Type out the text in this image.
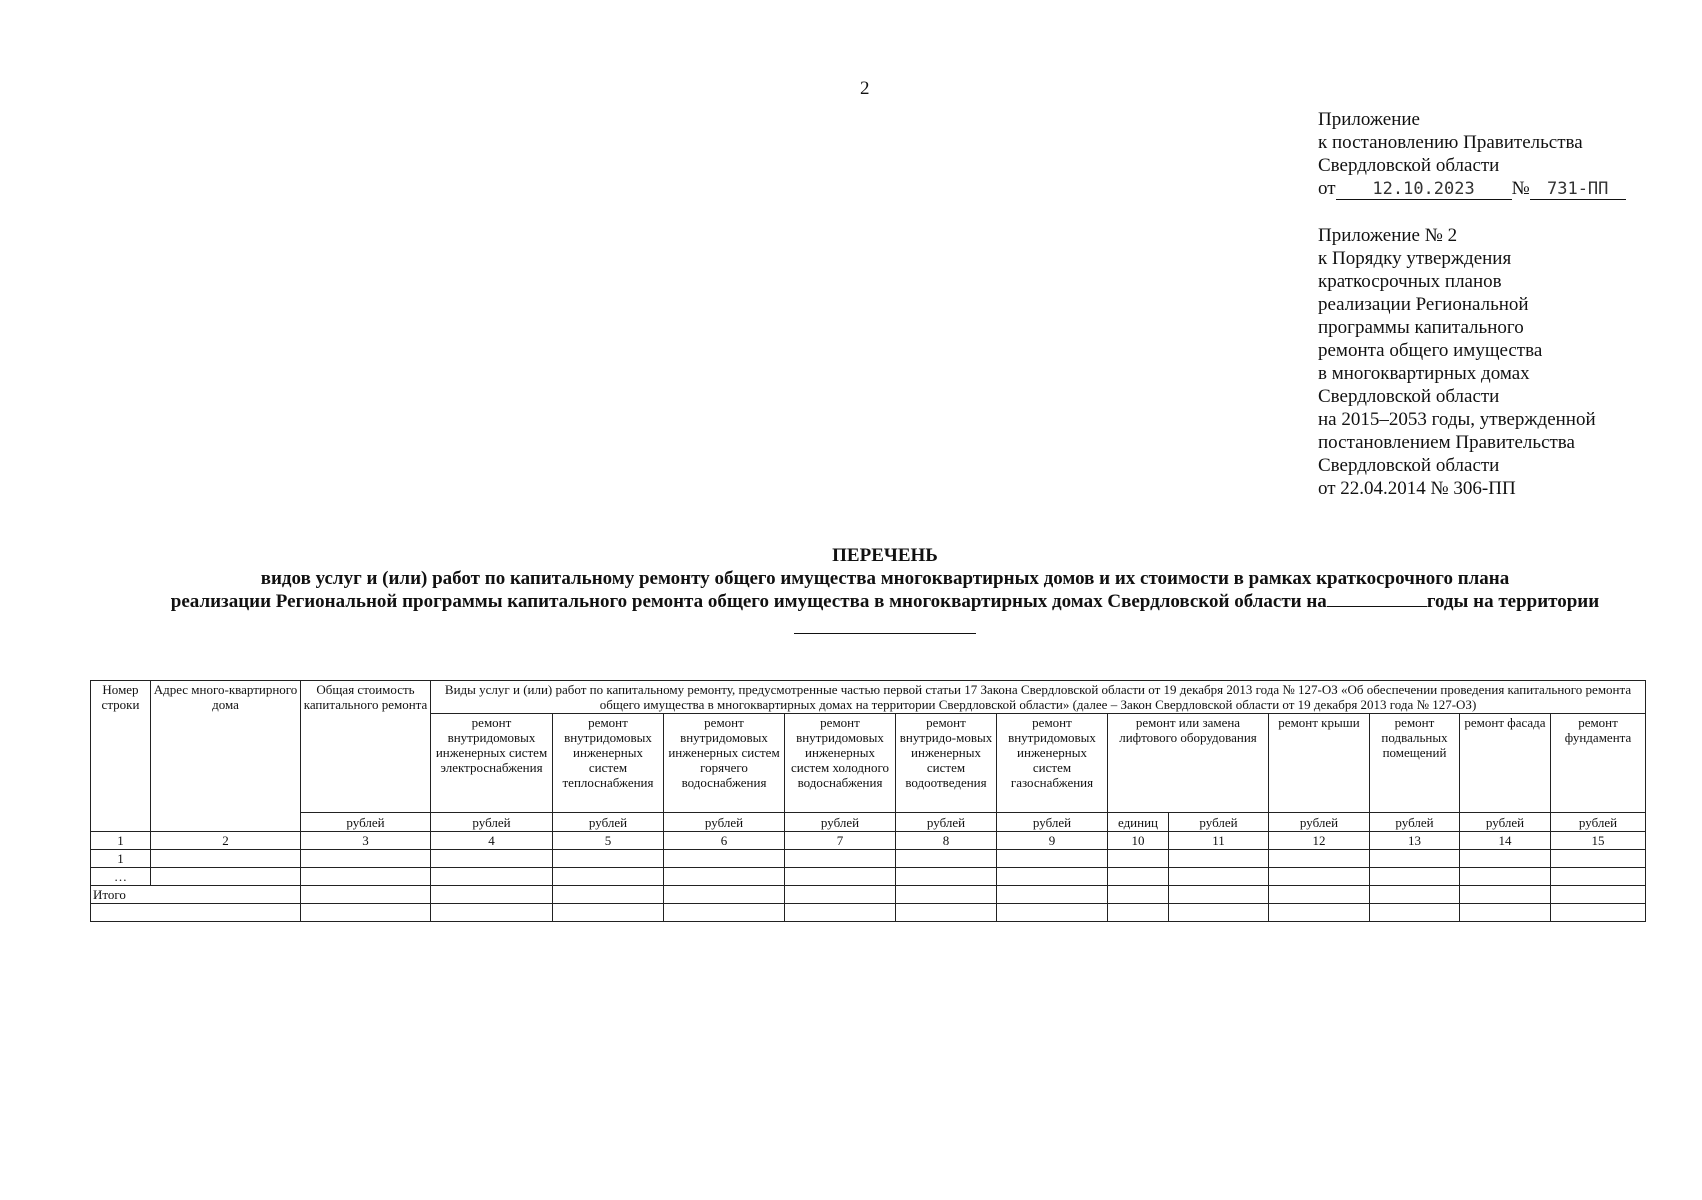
2
Приложение
к постановлению Правительства
Свердловской области
от 12.10.2023 № 731-ПП
Приложение № 2
к Порядку утверждения
краткосрочных планов
реализации Региональной
программы капитального
ремонта общего имущества
в многоквартирных домах
Свердловской области
на 2015–2053 годы, утвержденной
постановлением Правительства
Свердловской области
от 22.04.2014 № 306-ПП
ПЕРЕЧЕНЬ
видов услуг и (или) работ по капитальному ремонту общего имущества многоквартирных домов и их стоимости в рамках краткосрочного плана
реализации Региональной программы капитального ремонта общего имущества в многоквартирных домах Свердловской области на	годы на территории
Номер строки	Адрес много-квартирного дома	Общая стоимость капитального ремонта	Виды услуг и (или) работ по капитальному ремонту, предусмотренные частью первой статьи 17 Закона Свердловской области от 19 декабря 2013 года № 127-ОЗ «Об обеспечении проведения капитального ремонта общего имущества в многоквартирных домах на территории Свердловской области» (далее – Закон Свердловской области от 19 декабря 2013 года № 127-ОЗ)											
			ремонт внутридомовых инженерных систем электроснабжения	ремонт внутридомовых инженерных систем теплоснабжения	ремонт внутридомовых инженерных систем горячего водоснабжения	ремонт внутридомовых инженерных систем холодного водоснабжения	ремонт внутридо-мовых инженерных систем водоотведения	ремонт внутридомовых инженерных систем газоснабжения	ремонт или замена лифтового оборудования		ремонт крыши	ремонт подвальных помещений	ремонт фасада	ремонт фундамента
		рублей	рублей	рублей	рублей	рублей	рублей	рублей	единиц	рублей	рублей	рублей	рублей	рублей
1	2	3	4	5	6	7	8	9	10	11	12	13	14	15
1														
…														
Итого														
